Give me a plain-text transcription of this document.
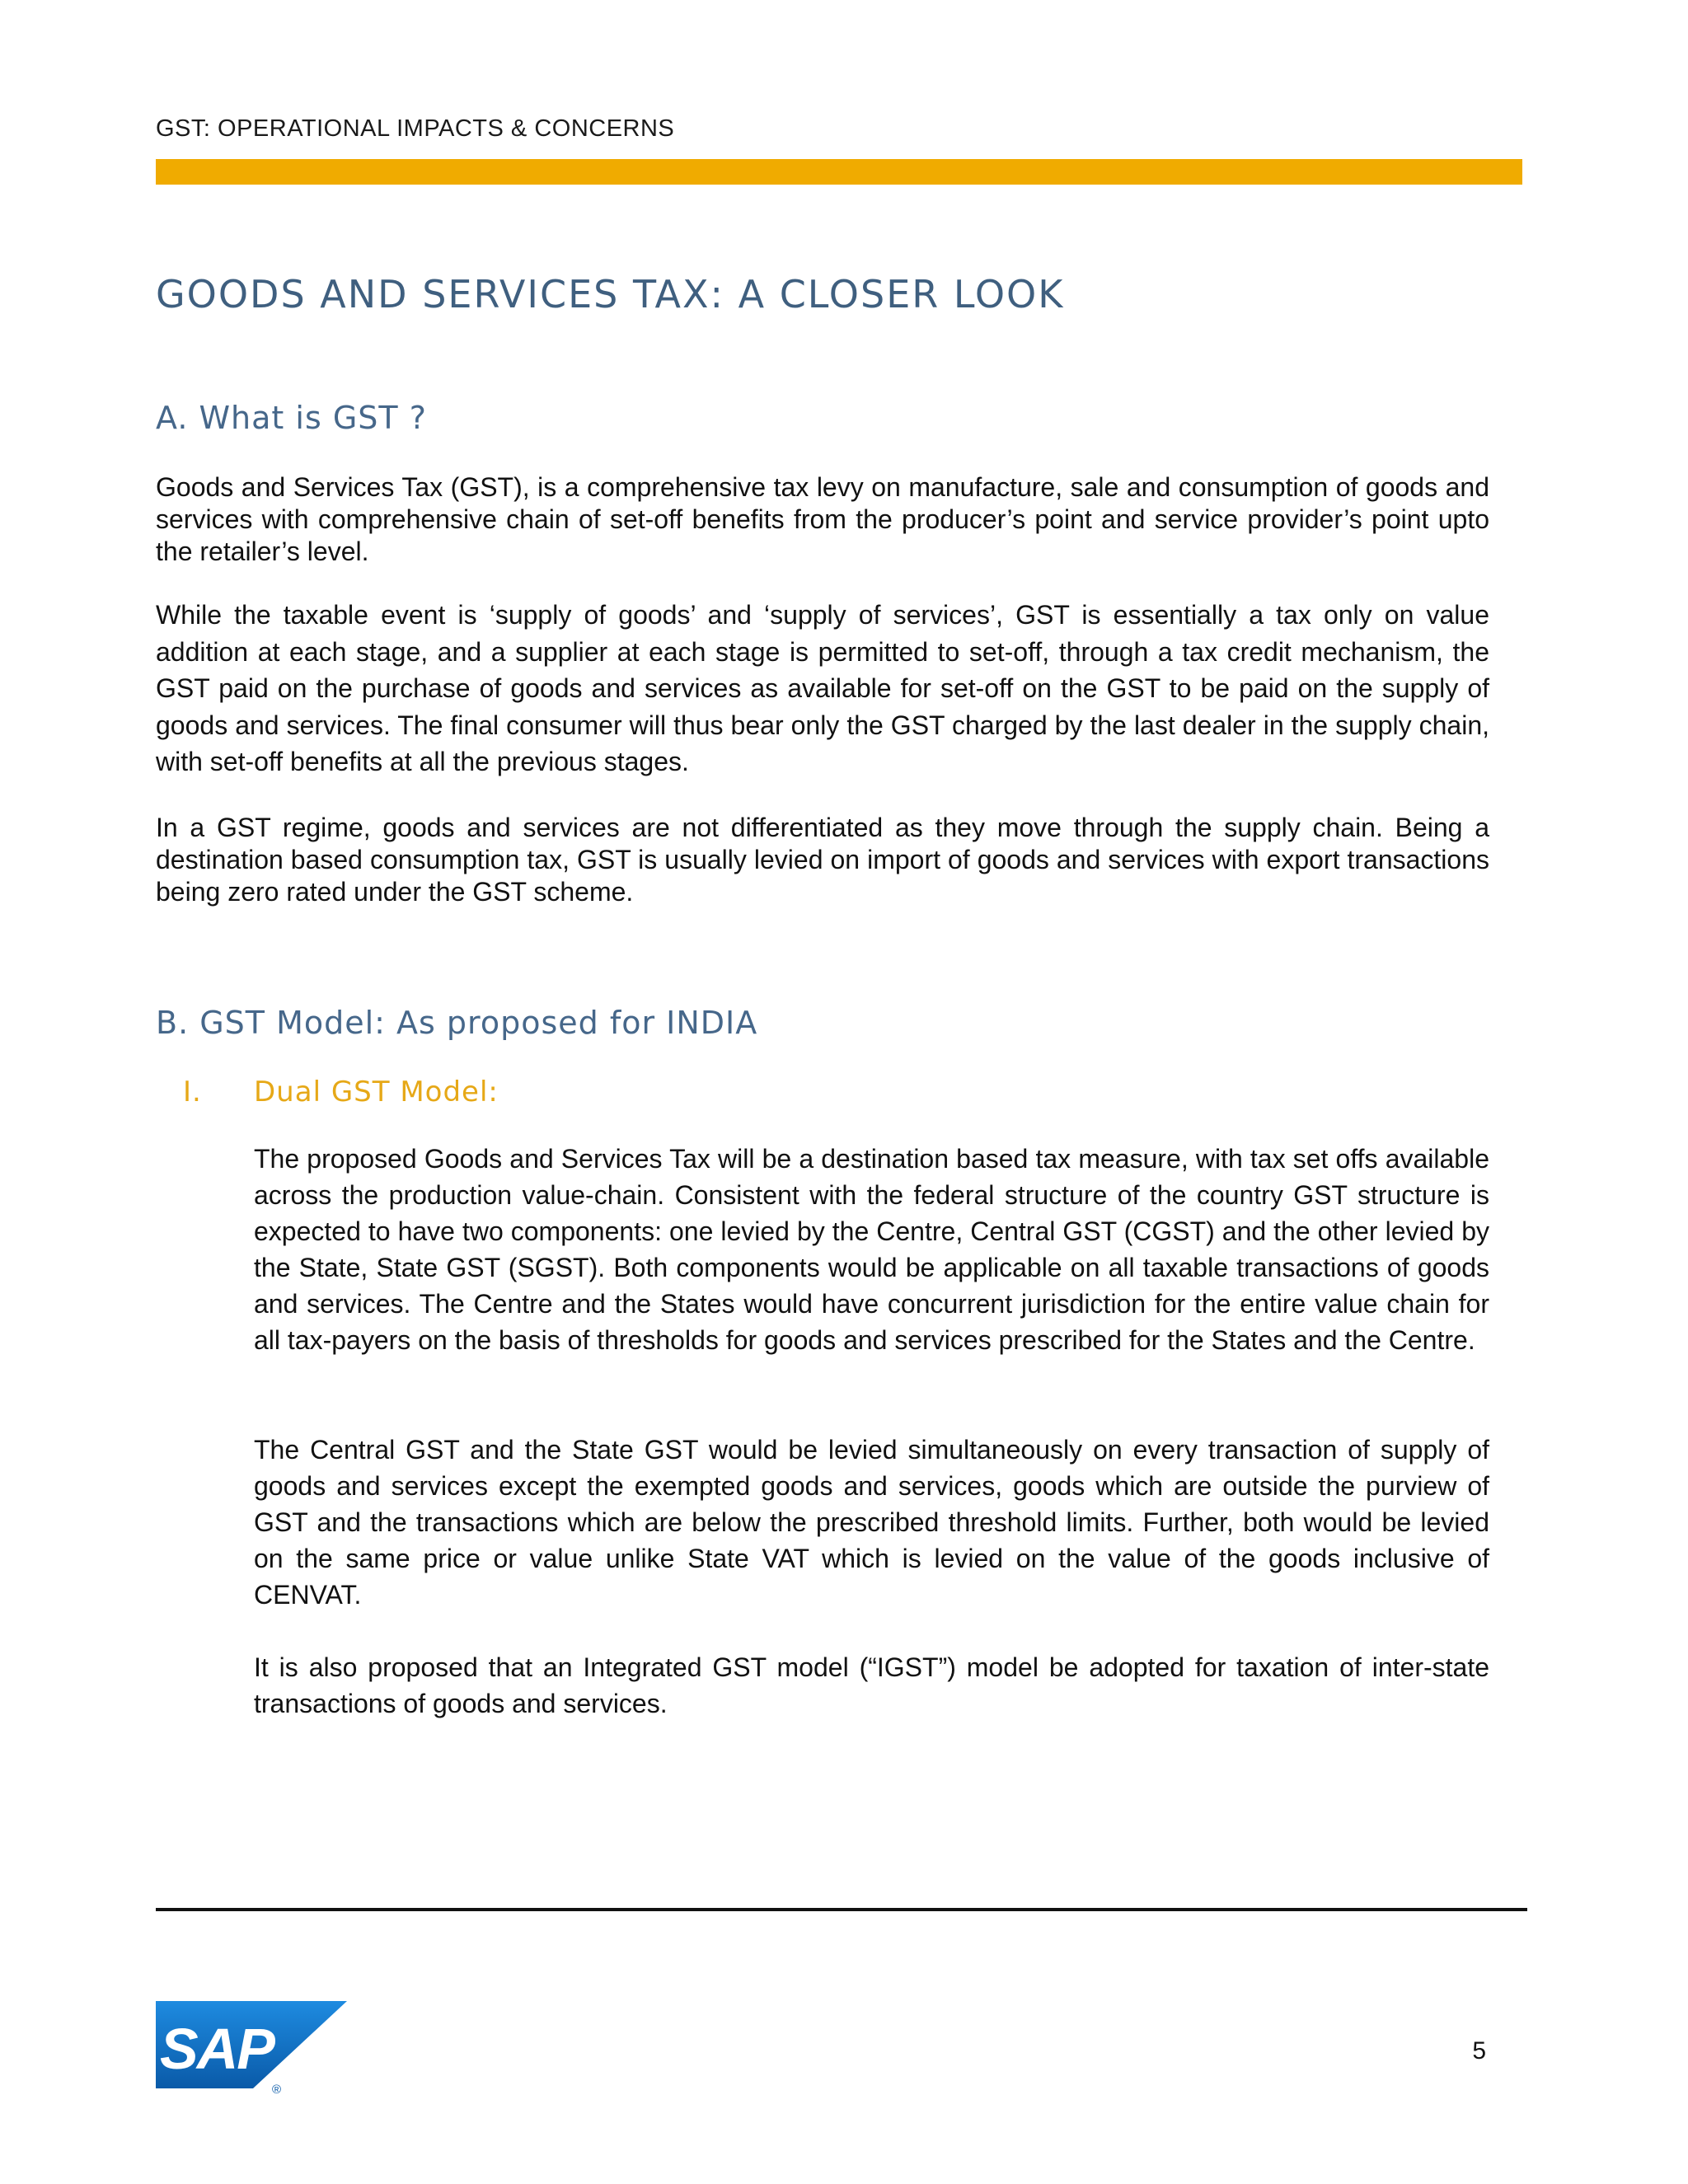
GST: OPERATIONAL IMPACTS & CONCERNS
GOODS AND SERVICES TAX: A CLOSER LOOK
A. What is GST ?

Goods and Services Tax (GST), is a comprehensive tax levy on manufacture, sale and consumption of goods and services with comprehensive chain of set-off benefits from the producer’s point and service provider’s point upto the retailer’s level.

While the taxable event is ‘supply of goods’ and ‘supply of services’, GST is essentially a tax only on value addition at each stage, and a supplier at each stage is permitted to set-off, through a tax credit mechanism, the GST paid on the purchase of goods and services as available for set-off on the GST to be paid on the supply of goods and services. The final consumer will thus bear only the GST charged by the last dealer in the supply chain, with set-off benefits at all the previous stages.

In a GST regime, goods and services are not differentiated as they move through the supply chain. Being a destination based consumption tax, GST is usually levied on import of goods and services with export transactions being zero rated under the GST scheme.

B. GST Model: As proposed for INDIA
I. Dual GST Model:

The proposed Goods and Services Tax will be a destination based tax measure, with tax set offs available across the production value-chain. Consistent with the federal structure of the country GST structure is expected to have two components: one levied by the Centre, Central GST (CGST) and the other levied by the State, State GST (SGST). Both components would be applicable on all taxable transactions of goods and services. The Centre and the States would have concurrent jurisdiction for the entire value chain for all tax-payers on the basis of thresholds for goods and services prescribed for the States and the Centre.

The Central GST and the State GST would be levied simultaneously on every transaction of supply of goods and services except the exempted goods and services, goods which are outside the purview of GST and the transactions which are below the prescribed threshold limits. Further, both would be levied on the same price or value unlike State VAT which is levied on the value of the goods inclusive of CENVAT.

It is also proposed that an Integrated GST model (“IGST”) model be adopted for taxation of inter-state transactions of goods and services.

SAP
®
5
